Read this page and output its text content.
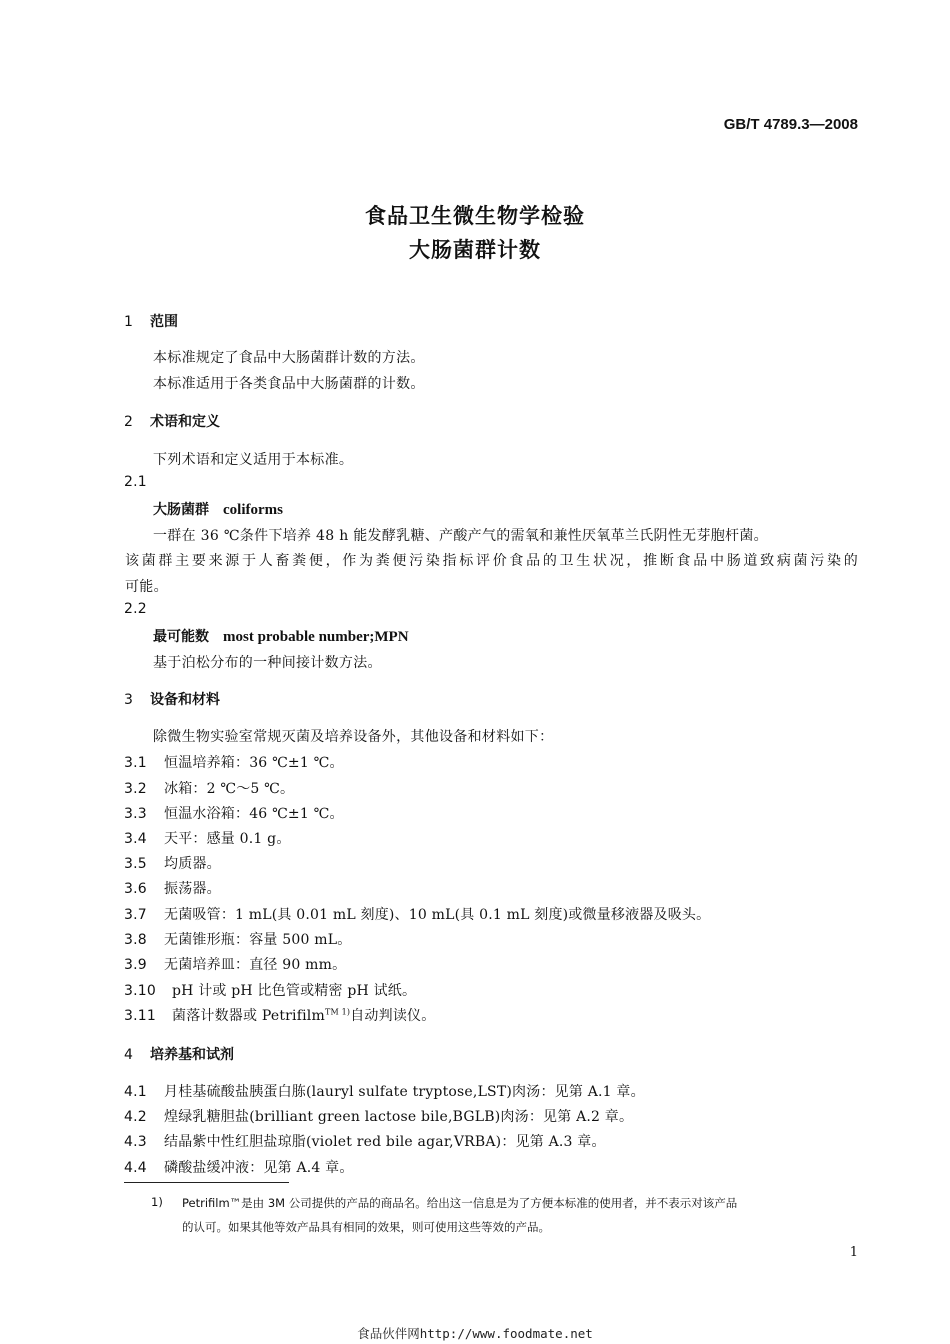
GB/T 4789.3—2008
食品卫生微生物学检验
大肠菌群计数
1 范围
本标准规定了食品中大肠菌群计数的方法。
本标准适用于各类食品中大肠菌群的计数。
2 术语和定义
下列术语和定义适用于本标准。
2.1
大肠菌群 coliforms
一群在 36 ℃条件下培养 48 h 能发酵乳糖、产酸产气的需氧和兼性厌氧革兰氏阴性无芽胞杆菌。
该菌群主要来源于人畜粪便，作为粪便污染指标评价食品的卫生状况，推断食品中肠道致病菌污染的
可能。
2.2
最可能数 most probable number;MPN
基于泊松分布的一种间接计数方法。
3 设备和材料
除微生物实验室常规灭菌及培养设备外，其他设备和材料如下：
3.1 恒温培养箱：36 ℃±1 ℃。
3.2 冰箱：2 ℃～5 ℃。
3.3 恒温水浴箱：46 ℃±1 ℃。
3.4 天平：感量 0.1 g。
3.5 均质器。
3.6 振荡器。
3.7 无菌吸管：1 mL(具 0.01 mL 刻度)、10 mL(具 0.1 mL 刻度)或微量移液器及吸头。
3.8 无菌锥形瓶：容量 500 mL。
3.9 无菌培养皿：直径 90 mm。
3.10 pH 计或 pH 比色管或精密 pH 试纸。
3.11 菌落计数器或 Petrifilm$^{TM 1)}$自动判读仪。
4 培养基和试剂
4.1 月桂基硫酸盐胰蛋白胨(lauryl sulfate tryptose,LST)肉汤：见第 A.1 章。
4.2 煌绿乳糖胆盐(brilliant green lactose bile,BGLB)肉汤：见第 A.2 章。
4.3 结晶紫中性红胆盐琼脂(violet red bile agar,VRBA)：见第 A.3 章。
4.4 磷酸盐缓冲液：见第 A.4 章。
1) Petrifilm™是由 3M 公司提供的产品的商品名。给出这一信息是为了方便本标准的使用者，并不表示对该产品
的认可。如果其他等效产品具有相同的效果，则可使用这些等效的产品。
1
食品伙伴网http://www.foodmate.net
